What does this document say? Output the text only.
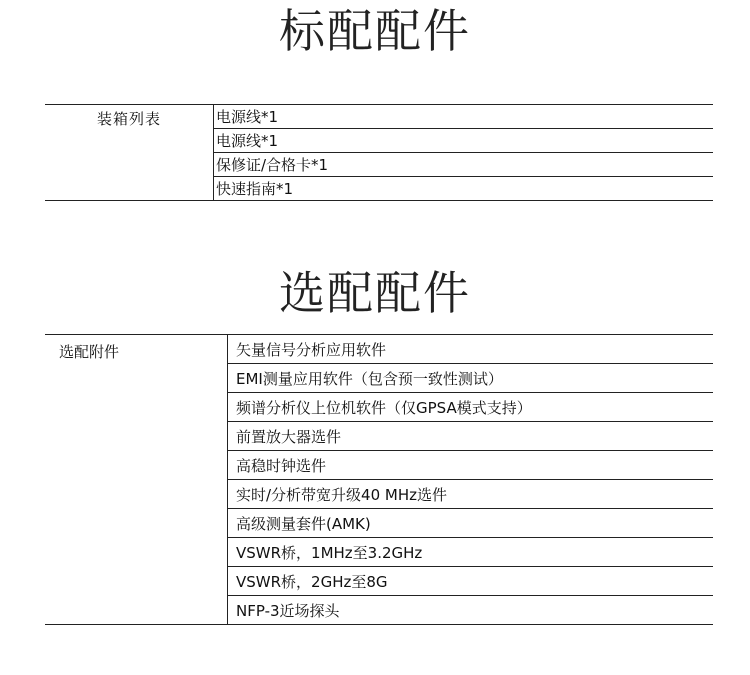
标配配件
装箱列表	电源线*1
电源线*1
保修证/合格卡*1
快速指南*1
选配配件
选配附件	矢量信号分析应用软件
EMI测量应用软件（包含预一致性测试）
频谱分析仪上位机软件（仅GPSA模式支持）
前置放大器选件
高稳时钟选件
实时/分析带宽升级40 MHz选件
高级测量套件(AMK)
VSWR桥，1MHz至3.2GHz
VSWR桥，2GHz至8G
NFP-3近场探头
